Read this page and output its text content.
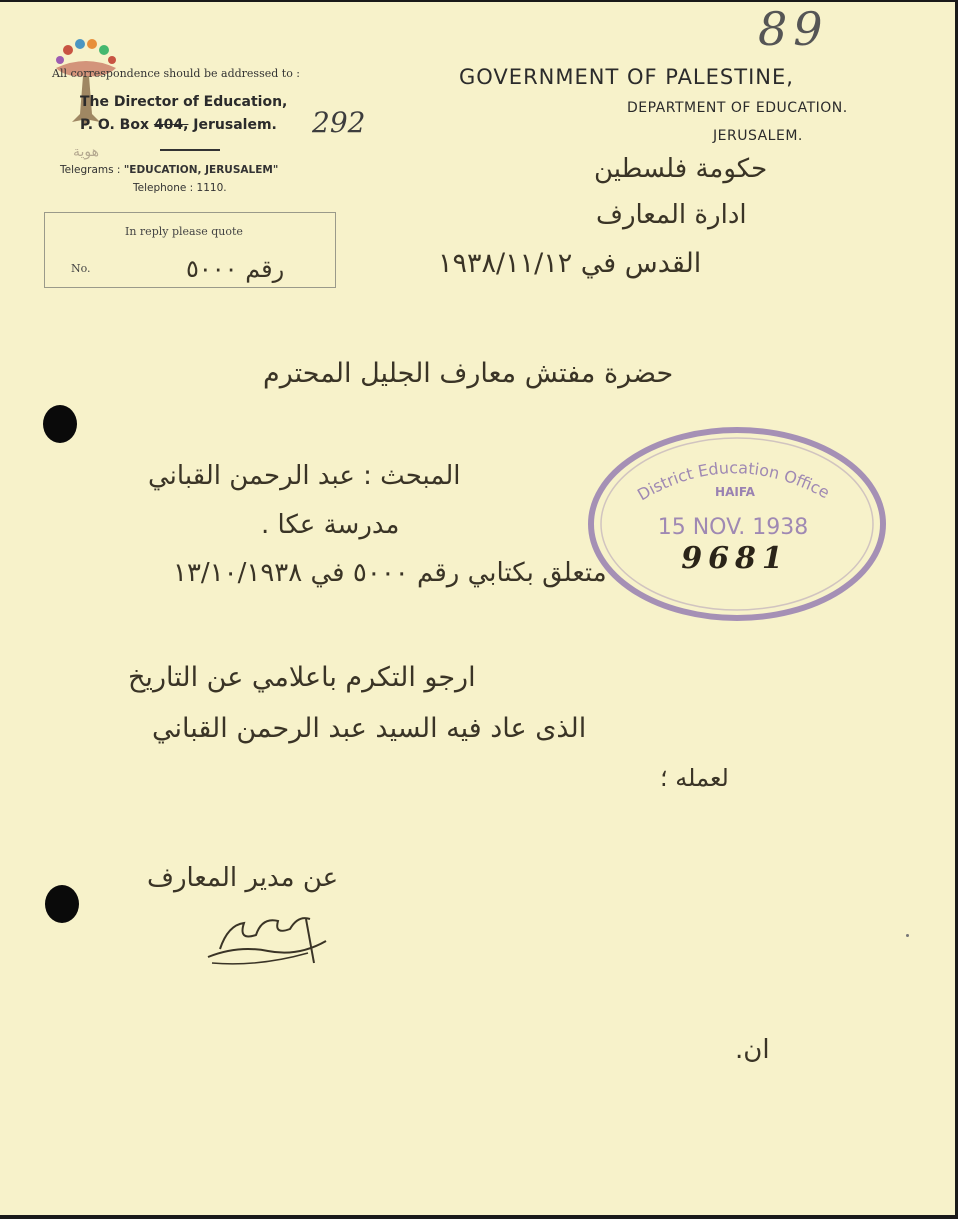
89
هوية
All correspondence should be addressed to :
The Director of Education,
P. O. Box 404, Jerusalem. 292
Telegrams : "EDUCATION, JERUSALEM"
Telephone : 1110.
In reply please quote
No.	رقم ٥٠٠٠
GOVERNMENT OF PALESTINE,
DEPARTMENT OF EDUCATION.
JERUSALEM.
حكومة فلسطين
ادارة المعارف
القدس في ١٩٣٨/١١/١٢
حضرة مفتش معارف الجليل المحترم
المبحث : عبد الرحمن القباني
مدرسة عكا .
متعلق بكتابي رقم ٥٠٠٠ في ١٣/١٠/١٩٣٨
District Education Office
HAIFA
15 NOV. 1938
9681
ارجو التكرم باعلامي عن التاريخ
الذى عاد فيه السيد عبد الرحمن القباني
لعمله ؛
عن مدير المعارف
ان.
